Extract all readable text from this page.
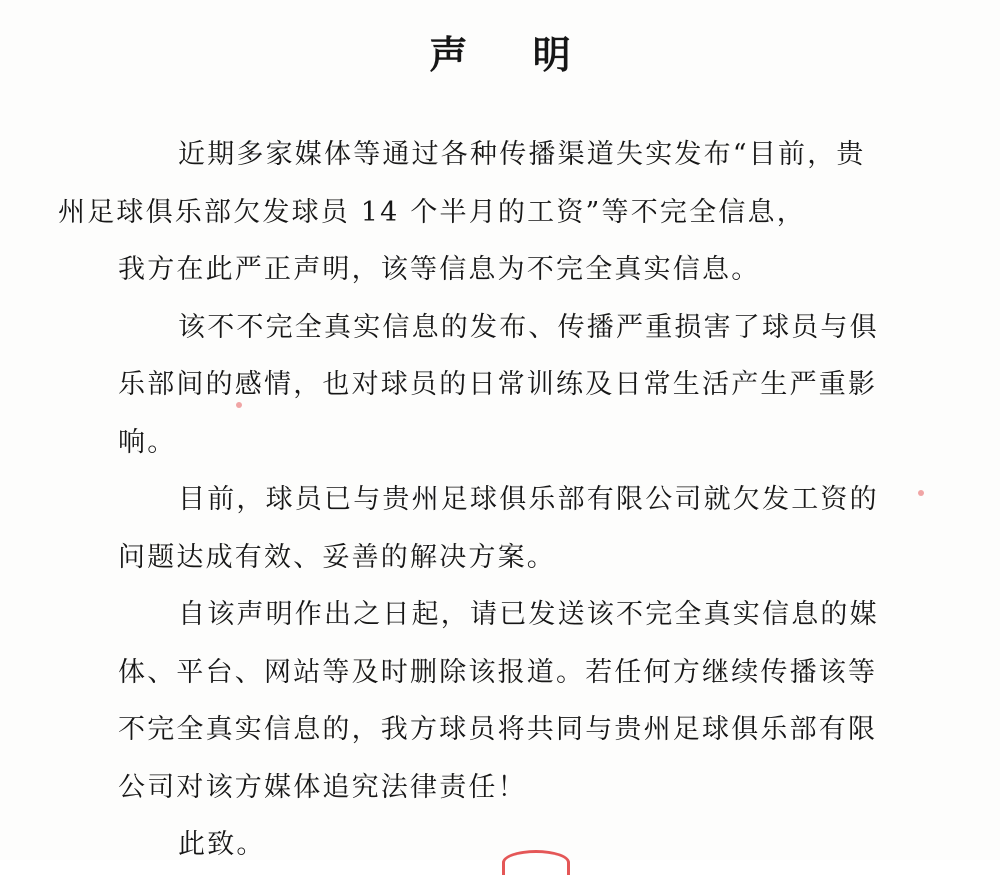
声 明

近期多家媒体等通过各种传播渠道失实发布“目前，贵
州足球俱乐部欠发球员 14 个半月的工资”等不完全信息，
我方在此严正声明，该等信息为不完全真实信息。

该不不完全真实信息的发布、传播严重损害了球员与俱
乐部间的感情，也对球员的日常训练及日常生活产生严重影
响。

目前，球员已与贵州足球俱乐部有限公司就欠发工资的
问题达成有效、妥善的解决方案。

自该声明作出之日起，请已发送该不完全真实信息的媒
体、平台、网站等及时删除该报道。若任何方继续传播该等
不完全真实信息的，我方球员将共同与贵州足球俱乐部有限
公司对该方媒体追究法律责任！

此致。
